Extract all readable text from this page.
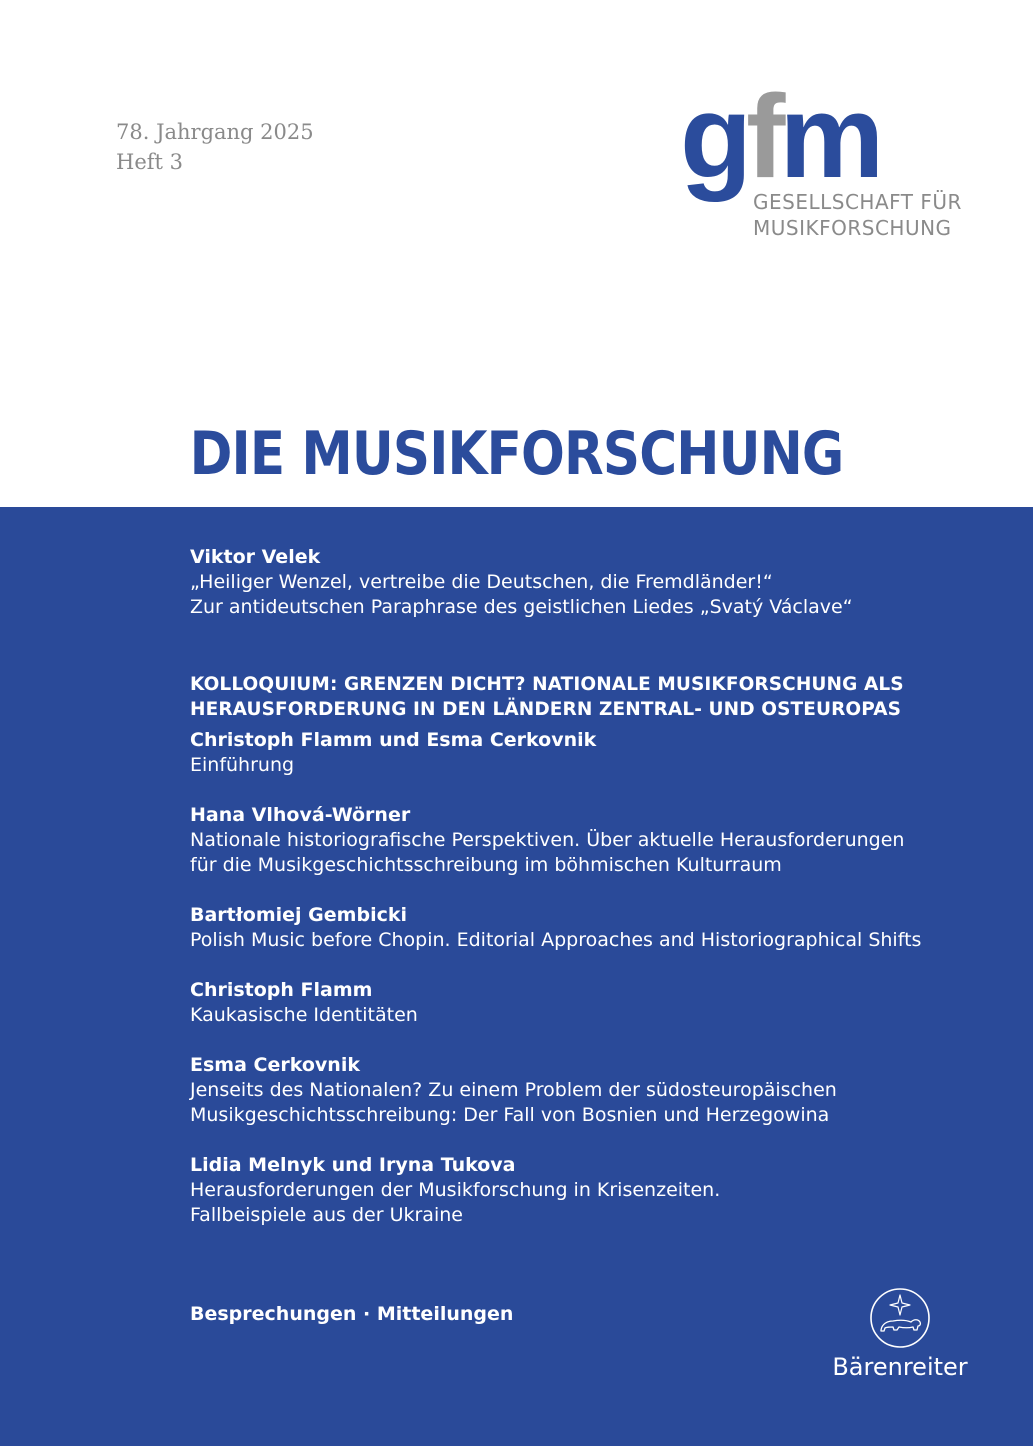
78. Jahrgang 2025
Heft 3	gfm
GESELLSCHAFT FÜR
MUSIKFORSCHUNG
DIE MUSIKFORSCHUNG
Viktor Velek
„Heiliger Wenzel, vertreibe die Deutschen, die Fremdländer!“
Zur antideutschen Paraphrase des geistlichen Liedes „Svatý Václave“
KOLLOQUIUM: GRENZEN DICHT? NATIONALE MUSIKFORSCHUNG ALS
HERAUSFORDERUNG IN DEN LÄNDERN ZENTRAL- UND OSTEUROPAS
Christoph Flamm und Esma Cerkovnik
Einführung
Hana Vlhová-Wörner
Nationale historiografische Perspektiven. Über aktuelle Herausforderungen
für die Musikgeschichtsschreibung im böhmischen Kulturraum
Bartłomiej Gembicki
Polish Music before Chopin. Editorial Approaches and Historiographical Shifts
Christoph Flamm
Kaukasische Identitäten
Esma Cerkovnik
Jenseits des Nationalen? Zu einem Problem der südosteuropäischen
Musikgeschichtsschreibung: Der Fall von Bosnien und Herzegowina
Lidia Melnyk und Iryna Tukova
Herausforderungen der Musikforschung in Krisenzeiten.
Fallbeispiele aus der Ukraine
Besprechungen · Mitteilungen
Bärenreiter
